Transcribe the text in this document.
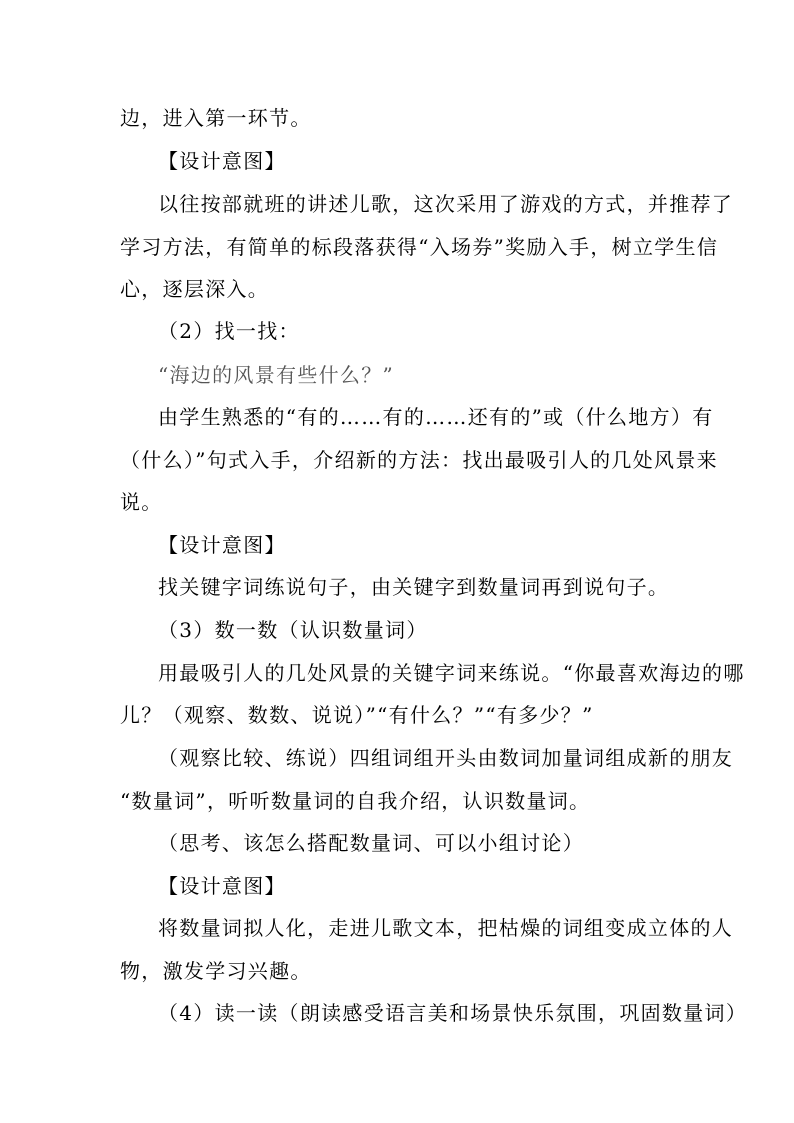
边，进入第一环节。
【设计意图】
以往按部就班的讲述儿歌，这次采用了游戏的方式，并推荐了
学习方法，有简单的标段落获得“入场券”奖励入手，树立学生信
心，逐层深入。
（2）找一找：
“海边的风景有些什么？”
由学生熟悉的“有的……有的……还有的”或（什么地方）有
（什么）”句式入手，介绍新的方法：找出最吸引人的几处风景来
说。
【设计意图】
找关键字词练说句子，由关键字到数量词再到说句子。
（3）数一数（认识数量词）
用最吸引人的几处风景的关键字词来练说。“你最喜欢海边的哪
儿？（观察、数数、说说）”“有什么？”“有多少？”
（观察比较、练说）四组词组开头由数词加量词组成新的朋友
“数量词”，听听数量词的自我介绍，认识数量词。
（思考、该怎么搭配数量词、可以小组讨论）
【设计意图】
将数量词拟人化，走进儿歌文本，把枯燥的词组变成立体的人
物，激发学习兴趣。
（4）读一读（朗读感受语言美和场景快乐氛围，巩固数量词）
